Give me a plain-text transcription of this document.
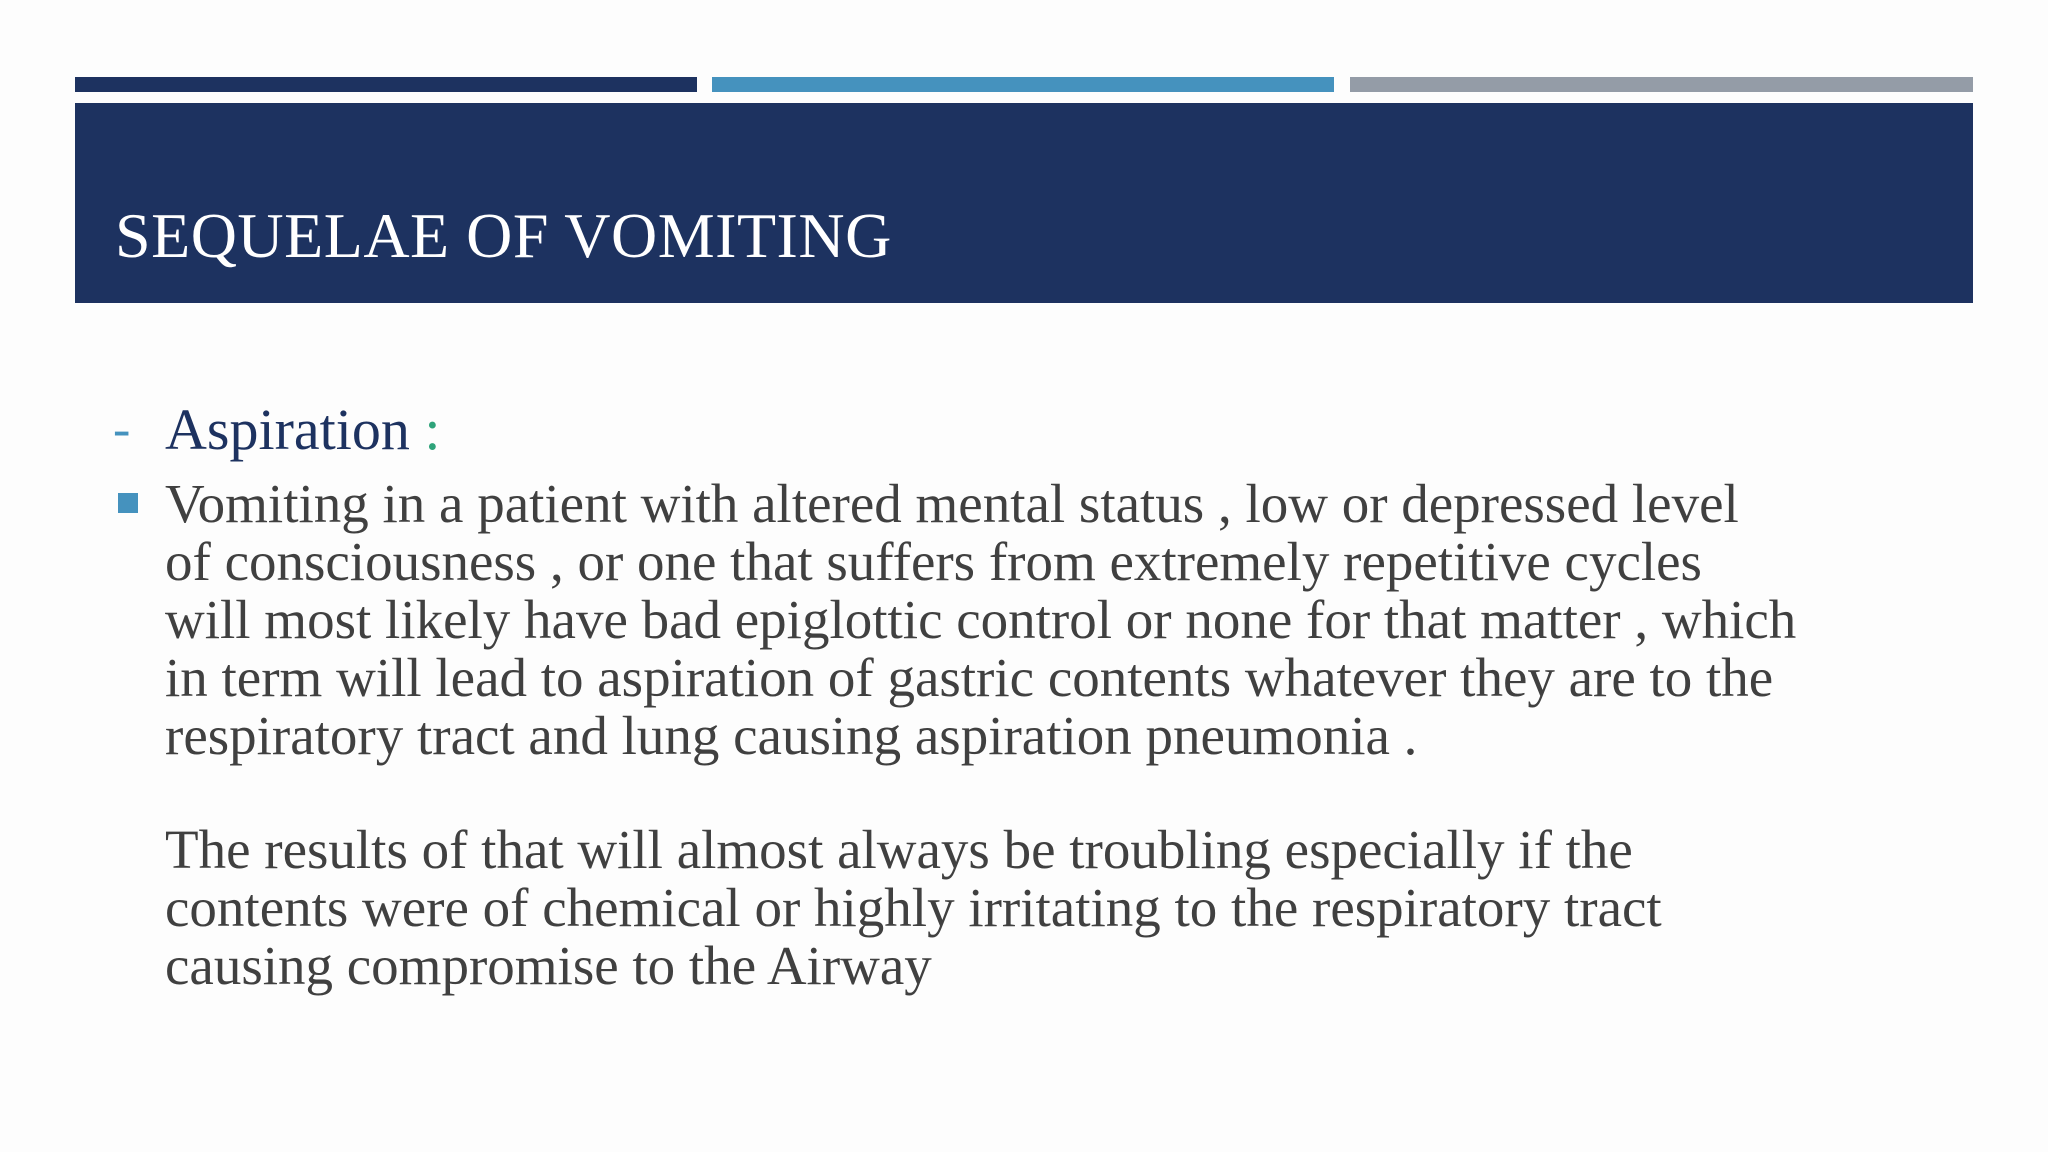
SEQUELAE OF VOMITING
- Aspiration :

Vomiting in a patient with altered mental status , low or depressed level
of consciousness , or one that suffers from extremely repetitive cycles
will most likely have bad epiglottic control or none for that matter , which
in term will lead to aspiration of gastric contents whatever they are to the
respiratory tract and lung causing aspiration pneumonia .

The results of that will almost always be troubling especially if the
contents were of chemical or highly irritating to the respiratory tract
causing compromise to the Airway
